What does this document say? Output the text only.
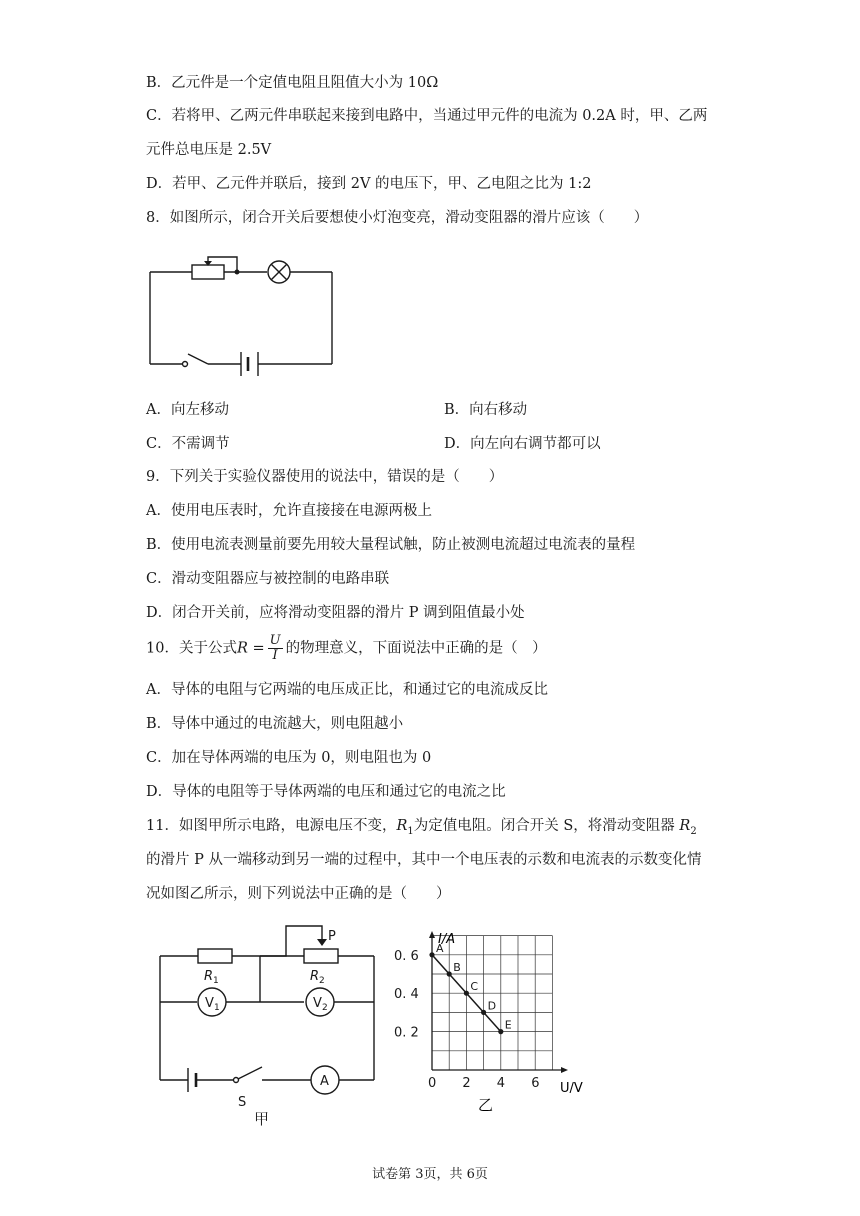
B．乙元件是一个定值电阻且阻值大小为 10Ω
C．若将甲、乙两元件串联起来接到电路中，当通过甲元件的电流为 0.2A 时，甲、乙两
元件总电压是 2.5V
D．若甲、乙元件并联后，接到 2V 的电压下，甲、乙电阻之比为 1:2
8．如图所示，闭合开关后要想使小灯泡变亮，滑动变阻器的滑片应该（　　）
A．向左移动	B．向右移动
C．不需调节	D．向左向右调节都可以
9．下列关于实验仪器使用的说法中，错误的是（　　）
A．使用电压表时，允许直接接在电源两极上
B．使用电流表测量前要先用较大量程试触，防止被测电流超过电流表的量程
C．滑动变阻器应与被控制的电路串联
D．闭合开关前，应将滑动变阻器的滑片 P 调到阻值最小处
10．关于公式$R = \frac{U}{I}$ 的物理意义，下面说法中正确的是（　）
A．导体的电阻与它两端的电压成正比，和通过它的电流成反比
B．导体中通过的电流越大，则电阻越小
C．加在导体两端的电压为 0，则电阻也为 0
D．导体的电阻等于导体两端的电压和通过它的电流之比
11．如图甲所示电路，电源电压不变，$R_1$为定值电阻。闭合开关 S，将滑动变阻器 $R_2$
的滑片 P 从一端移动到另一端的过程中，其中一个电压表的示数和电流表的示数变化情
况如图乙所示，则下列说法中正确的是（　　）
R 1	R 2
P
V 1	V 2
A
S
甲
0 2 4 6
0. 6
0. 4
0. 2
A
B
C
D
E
I/A
U/V
乙
试卷第 3页，共 6页
